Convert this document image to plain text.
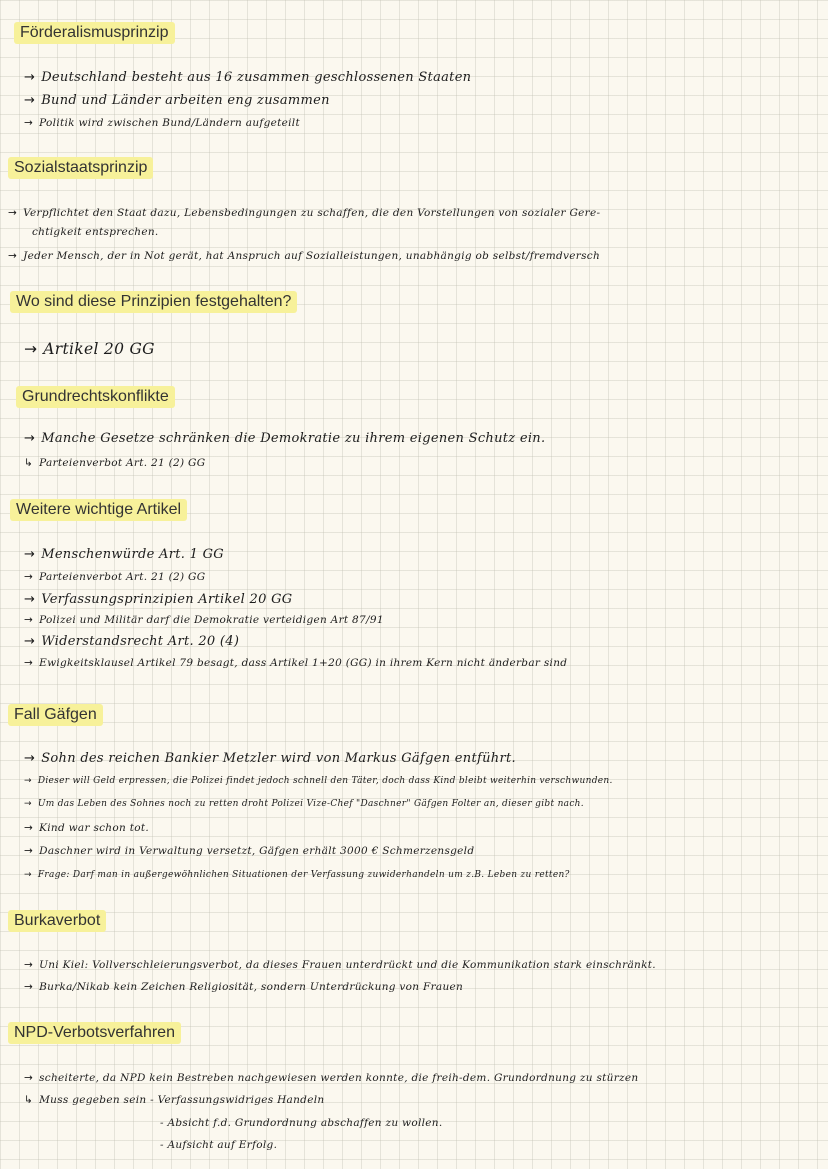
Förderalismusprinzip
→ Deutschland besteht aus 16 zusammen geschlossenen Staaten
→ Bund und Länder arbeiten eng zusammen
→ Politik wird zwischen Bund/Ländern aufgeteilt
Sozialstaatsprinzip
→ Verpflichtet den Staat dazu, Lebensbedingungen zu schaffen, die den Vorstellungen von sozialer Gere-
chtigkeit entsprechen.
→ Jeder Mensch, der in Not gerät, hat Anspruch auf Sozialleistungen, unabhängig ob selbst/fremdversch
Wo sind diese Prinzipien festgehalten?
→ Artikel 20 GG
Grundrechtskonflikte
→ Manche Gesetze schränken die Demokratie zu ihrem eigenen Schutz ein.
↳ Parteienverbot Art. 21 (2) GG
Weitere wichtige Artikel
→ Menschenwürde Art. 1 GG
→ Parteienverbot Art. 21 (2) GG
→ Verfassungsprinzipien Artikel 20 GG
→ Polizei und Militär darf die Demokratie verteidigen Art 87/91
→ Widerstandsrecht Art. 20 (4)
→ Ewigkeitsklausel Artikel 79 besagt, dass Artikel 1+20 (GG) in ihrem Kern nicht änderbar sind
Fall Gäfgen
→ Sohn des reichen Bankier Metzler wird von Markus Gäfgen entführt.
→ Dieser will Geld erpressen, die Polizei findet jedoch schnell den Täter, doch dass Kind bleibt weiterhin verschwunden.
→ Um das Leben des Sohnes noch zu retten droht Polizei Vize-Chef "Daschner" Gäfgen Folter an, dieser gibt nach.
→ Kind war schon tot.
→ Daschner wird in Verwaltung versetzt, Gäfgen erhält 3000 € Schmerzensgeld
→ Frage: Darf man in außergewöhnlichen Situationen der Verfassung zuwiderhandeln um z.B. Leben zu retten?
Burkaverbot
→ Uni Kiel: Vollverschleierungsverbot, da dieses Frauen unterdrückt und die Kommunikation stark einschränkt.
→ Burka/Nikab kein Zeichen Religiosität, sondern Unterdrückung von Frauen
NPD-Verbotsverfahren
→ scheiterte, da NPD kein Bestreben nachgewiesen werden konnte, die freih-dem. Grundordnung zu stürzen
↳ Muss gegeben sein - Verfassungswidriges Handeln
- Absicht f.d. Grundordnung abschaffen zu wollen.
- Aufsicht auf Erfolg.
